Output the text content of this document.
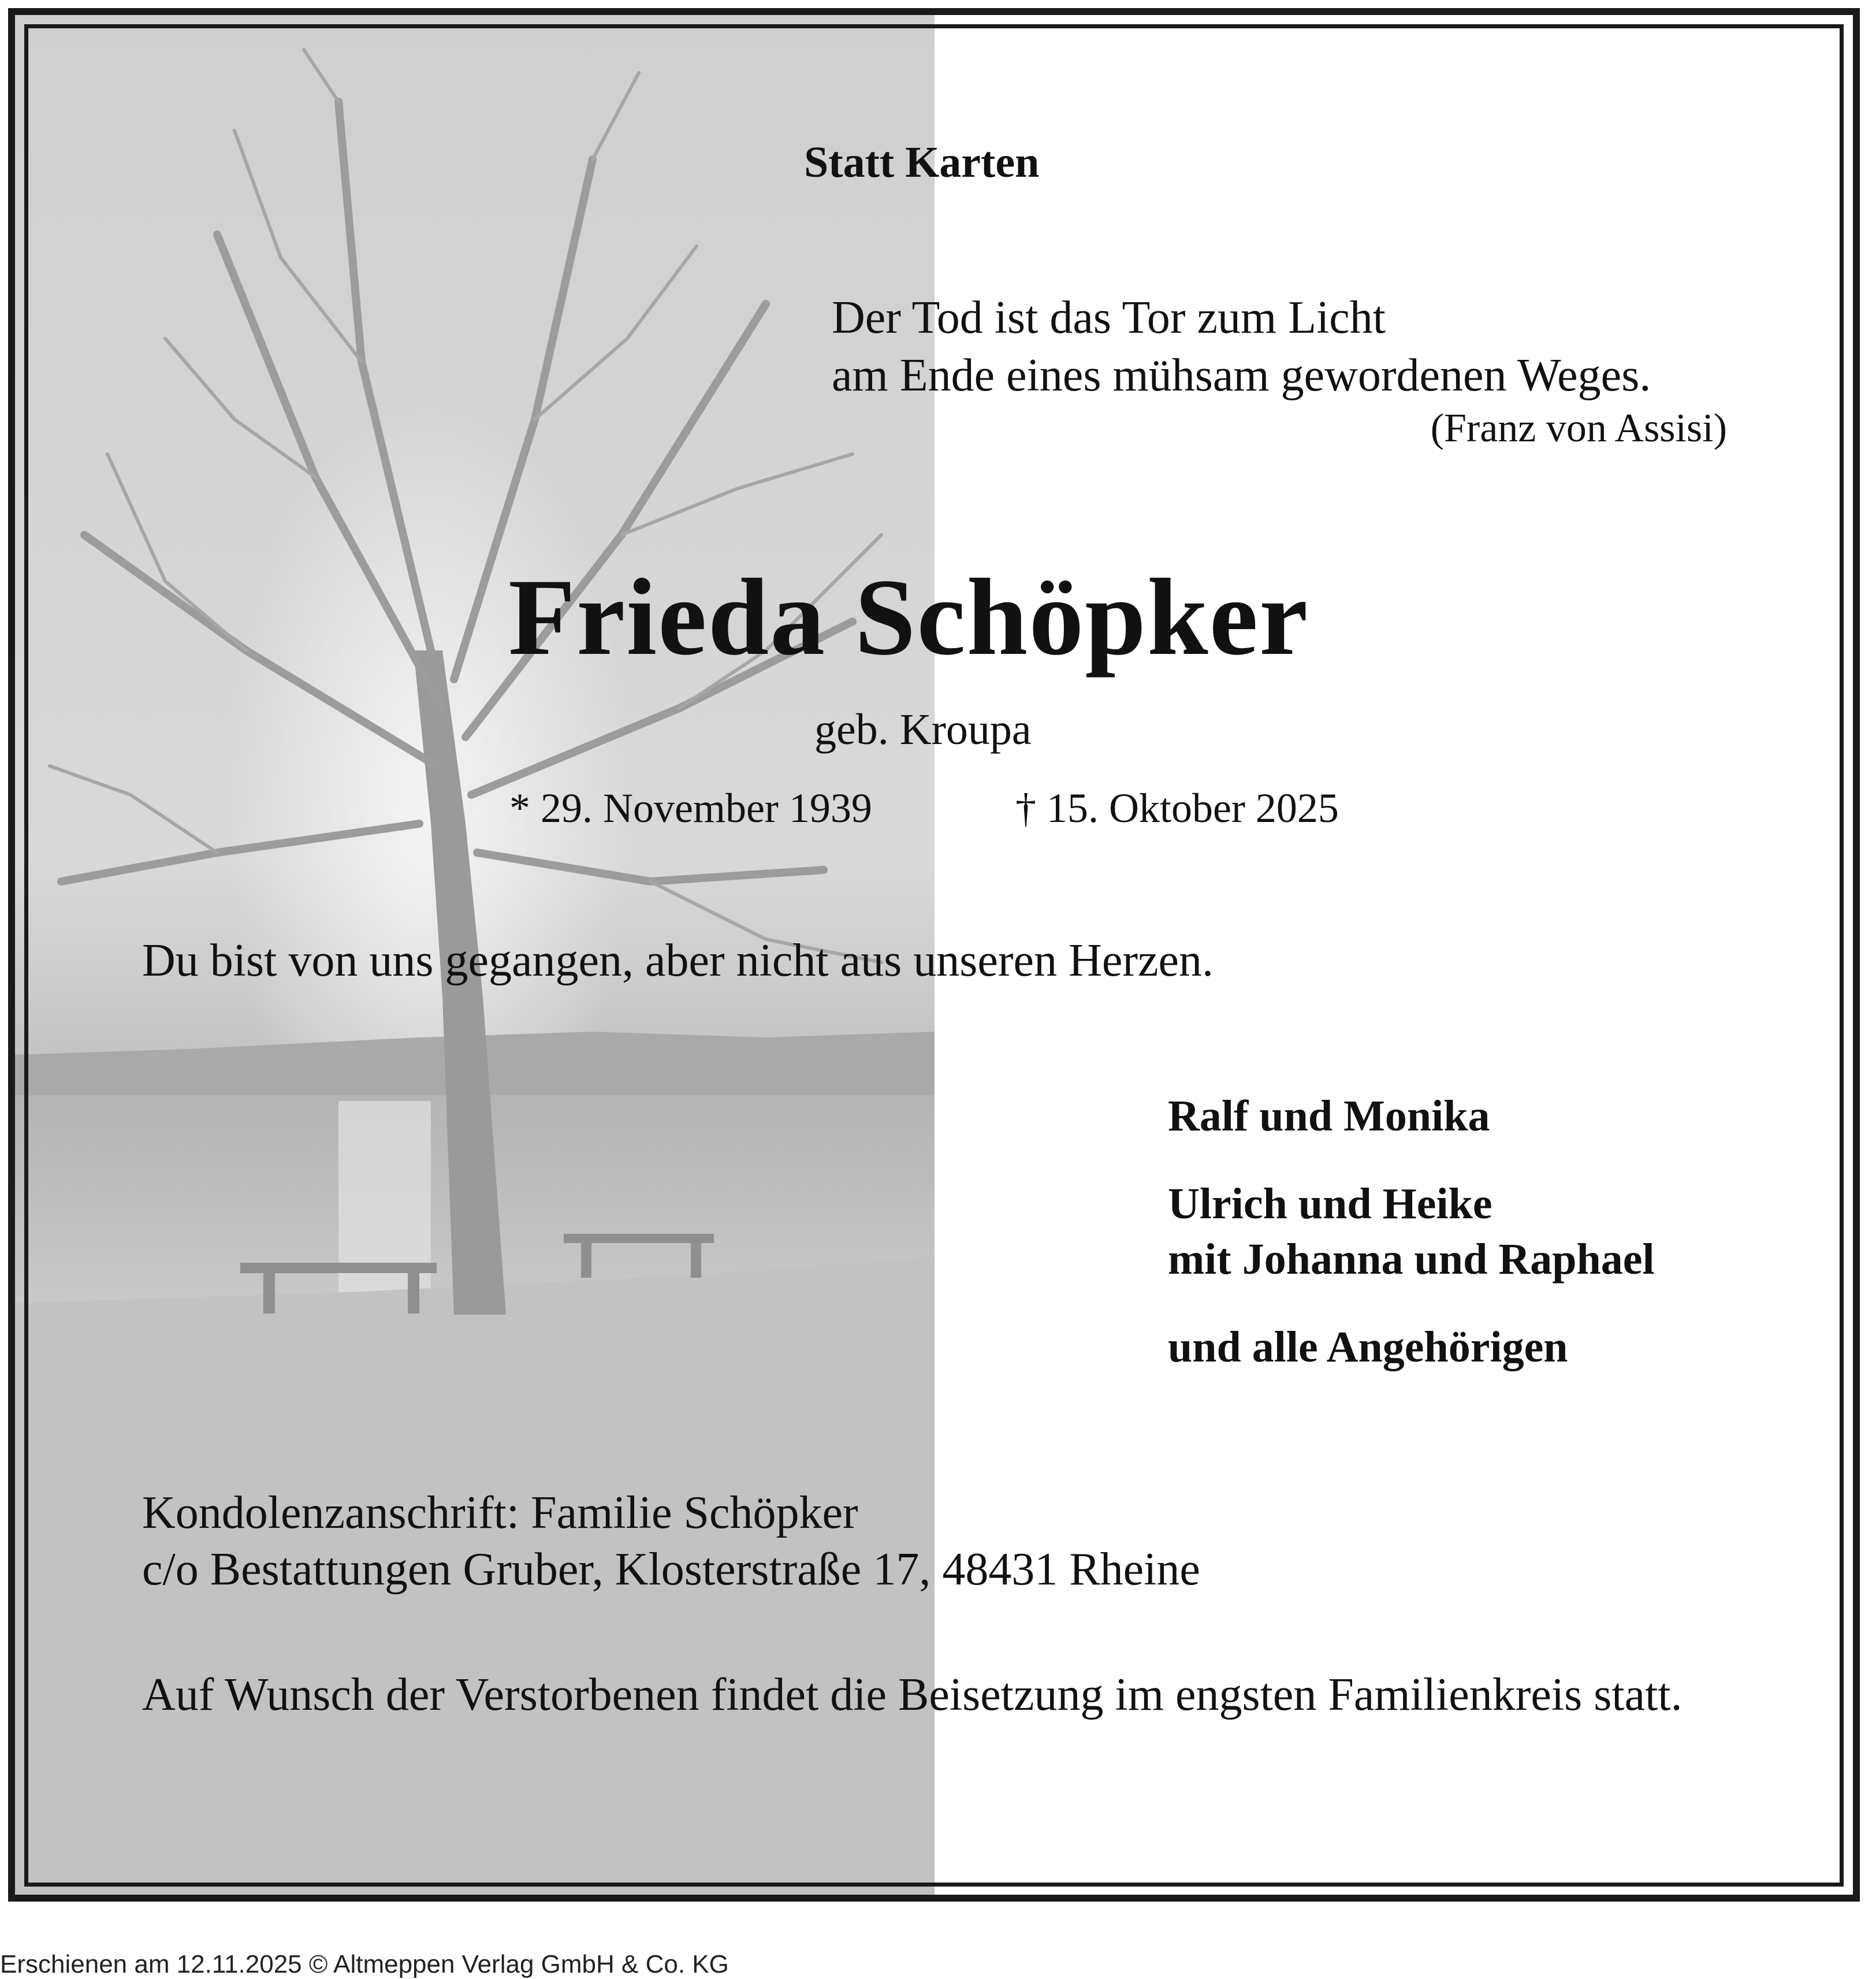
Statt Karten
Der Tod ist das Tor zum Licht
am Ende eines mühsam gewordenen Weges.
(Franz von Assisi)
Frieda Schöpker
geb. Kroupa
* 29. November 1939	† 15. Oktober 2025
Du bist von uns gegangen, aber nicht aus unseren Herzen.
Ralf und Monika
Ulrich und Heike
mit Johanna und Raphael
und alle Angehörigen
Kondolenzanschrift: Familie Schöpker
c/o Bestattungen Gruber, Klosterstraße 17, 48431 Rheine
Auf Wunsch der Verstorbenen findet die Beisetzung im engsten Familienkreis statt.
Erschienen am 12.11.2025 © Altmeppen Verlag GmbH & Co. KG
